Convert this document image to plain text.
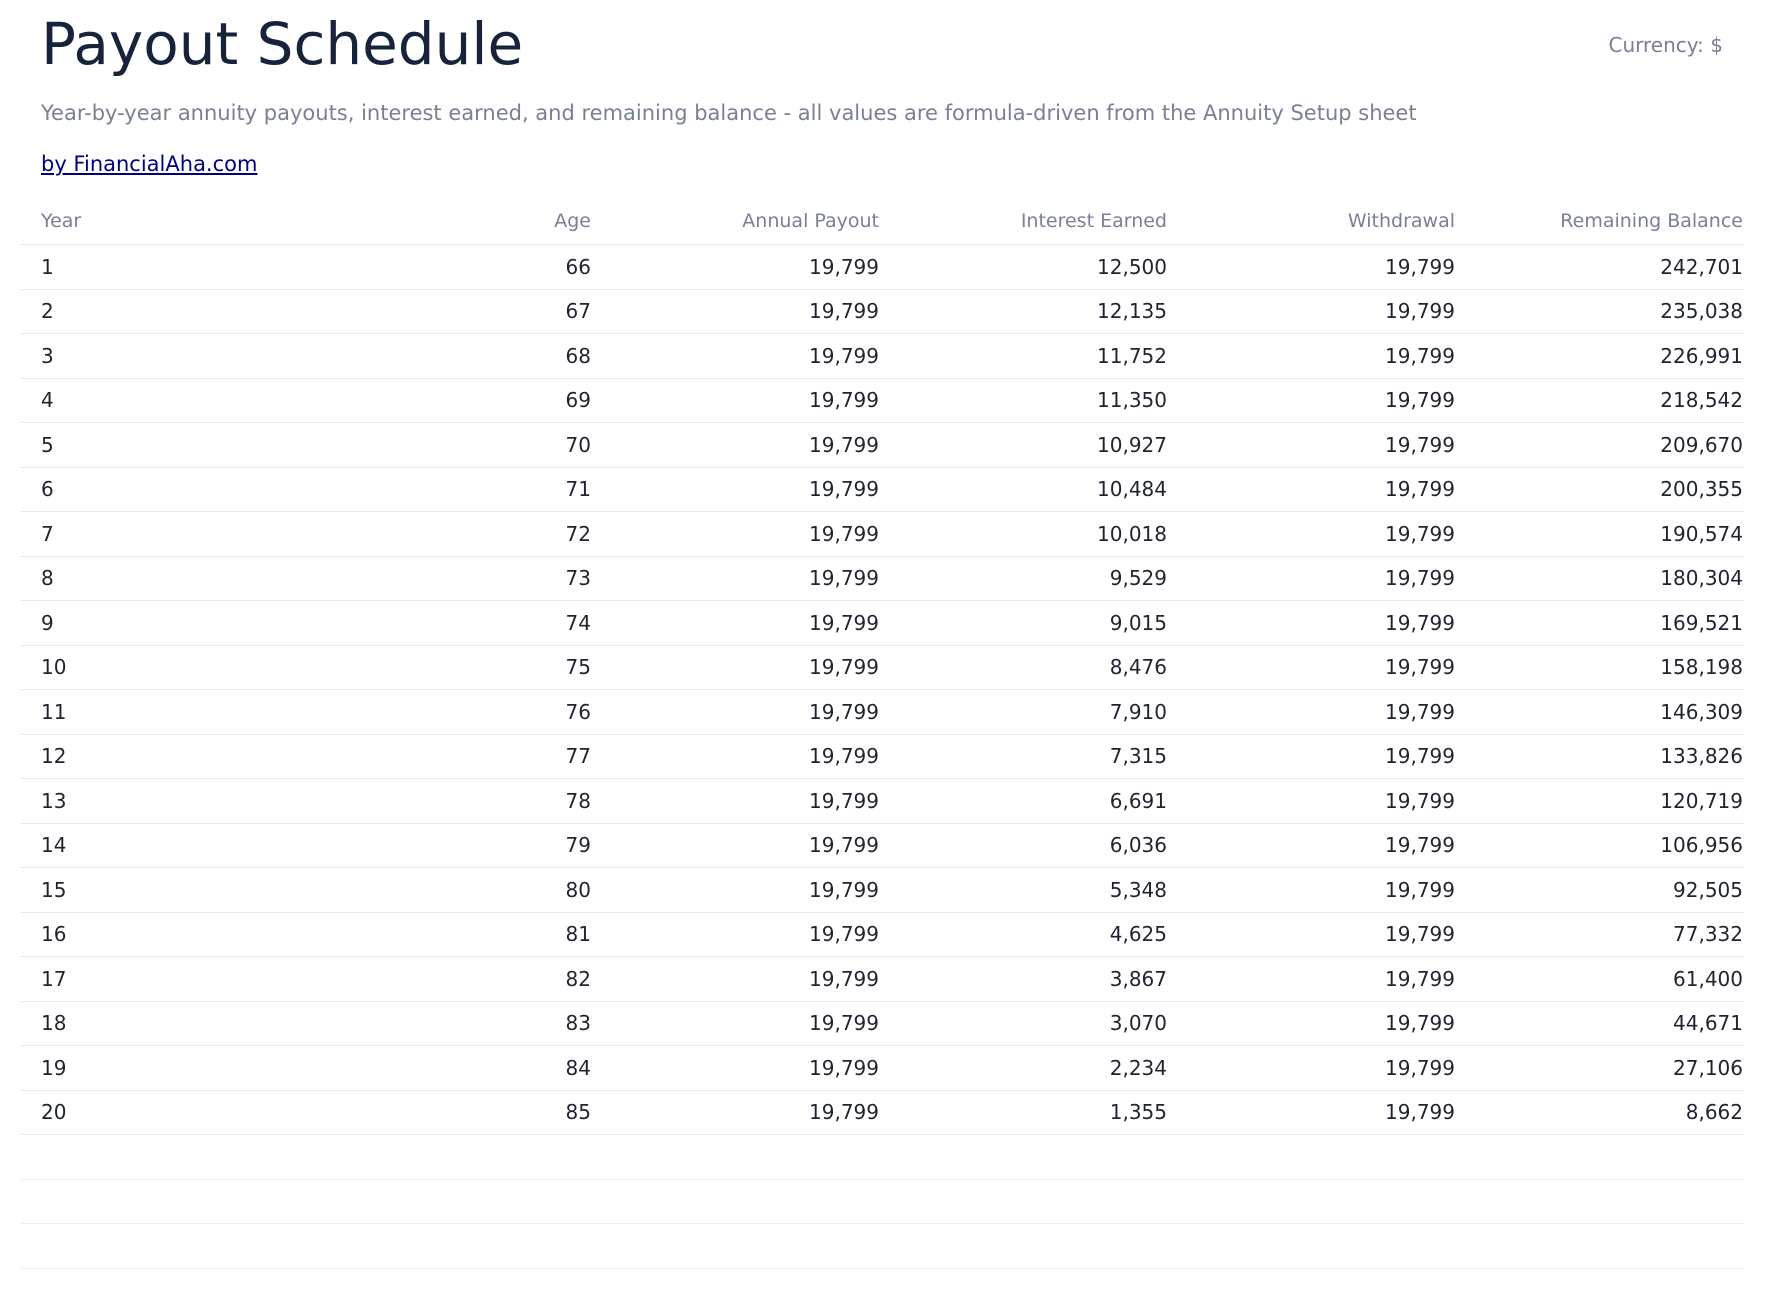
Payout Schedule	Currency: $

Year-by-year annuity payouts, interest earned, and remaining balance - all values are formula-driven from the Annuity Setup sheet

by FinancialAha.com
Year	Age	Annual Payout	Interest Earned	Withdrawal	Remaining Balance
1	66	19,799	12,500	19,799	242,701
2	67	19,799	12,135	19,799	235,038
3	68	19,799	11,752	19,799	226,991
4	69	19,799	11,350	19,799	218,542
5	70	19,799	10,927	19,799	209,670
6	71	19,799	10,484	19,799	200,355
7	72	19,799	10,018	19,799	190,574
8	73	19,799	9,529	19,799	180,304
9	74	19,799	9,015	19,799	169,521
10	75	19,799	8,476	19,799	158,198
11	76	19,799	7,910	19,799	146,309
12	77	19,799	7,315	19,799	133,826
13	78	19,799	6,691	19,799	120,719
14	79	19,799	6,036	19,799	106,956
15	80	19,799	5,348	19,799	92,505
16	81	19,799	4,625	19,799	77,332
17	82	19,799	3,867	19,799	61,400
18	83	19,799	3,070	19,799	44,671
19	84	19,799	2,234	19,799	27,106
20	85	19,799	1,355	19,799	8,662
